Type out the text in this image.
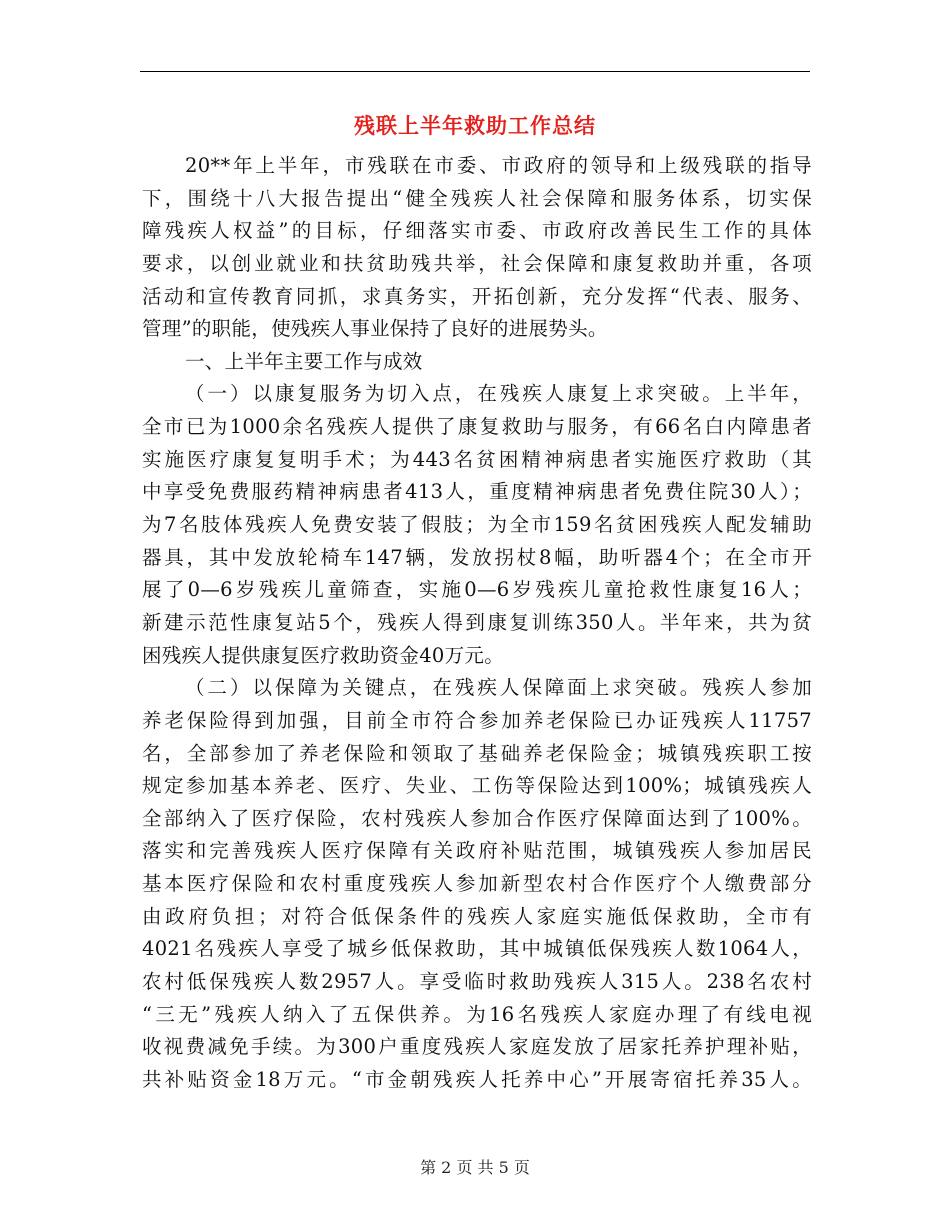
残联上半年救助工作总结
20**年上半年，市残联在市委、市政府的领导和上级残联的指导
下，围绕十八大报告提出“健全残疾人社会保障和服务体系，切实保
障残疾人权益”的目标，仔细落实市委、市政府改善民生工作的具体
要求，以创业就业和扶贫助残共举，社会保障和康复救助并重，各项
活动和宣传教育同抓，求真务实，开拓创新，充分发挥“代表、服务、
管理”的职能，使残疾人事业保持了良好的进展势头。
一、上半年主要工作与成效
（一）以康复服务为切入点，在残疾人康复上求突破。上半年，
全市已为1000余名残疾人提供了康复救助与服务，有66名白内障患者
实施医疗康复复明手术；为443名贫困精神病患者实施医疗救助（其
中享受免费服药精神病患者413人，重度精神病患者免费住院30人）；
为7名肢体残疾人免费安装了假肢；为全市159名贫困残疾人配发辅助
器具，其中发放轮椅车147辆，发放拐杖8幅，助听器4个；在全市开
展了0—6岁残疾儿童筛查，实施0—6岁残疾儿童抢救性康复16人；
新建示范性康复站5个，残疾人得到康复训练350人。半年来，共为贫
困残疾人提供康复医疗救助资金40万元。
（二）以保障为关键点，在残疾人保障面上求突破。残疾人参加
养老保险得到加强，目前全市符合参加养老保险已办证残疾人11757
名，全部参加了养老保险和领取了基础养老保险金；城镇残疾职工按
规定参加基本养老、医疗、失业、工伤等保险达到100%；城镇残疾人
全部纳入了医疗保险，农村残疾人参加合作医疗保障面达到了100%。
落实和完善残疾人医疗保障有关政府补贴范围，城镇残疾人参加居民
基本医疗保险和农村重度残疾人参加新型农村合作医疗个人缴费部分
由政府负担；对符合低保条件的残疾人家庭实施低保救助，全市有
4021名残疾人享受了城乡低保救助，其中城镇低保残疾人数1064人，
农村低保残疾人数2957人。享受临时救助残疾人315人。238名农村
“三无”残疾人纳入了五保供养。为16名残疾人家庭办理了有线电视
收视费减免手续。为300户重度残疾人家庭发放了居家托养护理补贴，
共补贴资金18万元。“市金朝残疾人托养中心”开展寄宿托养35人。
第 2 页 共 5 页
